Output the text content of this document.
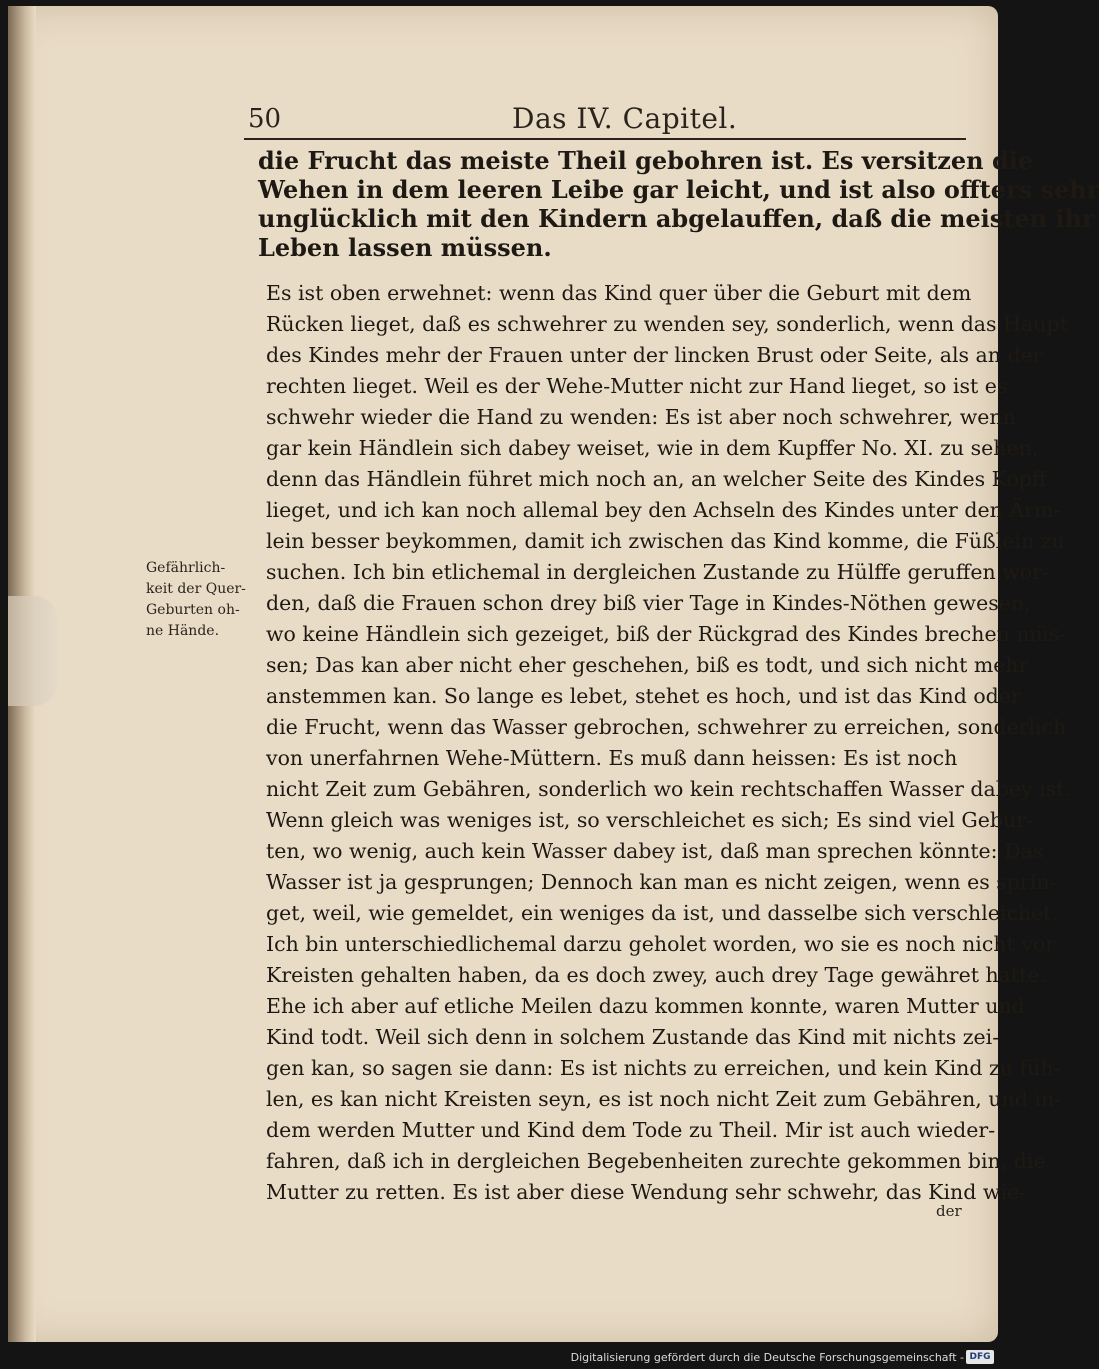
50	Das IV. Capitel.
die Frucht das meiste Theil gebohren ist. Es versitzen die
Wehen in dem leeren Leibe gar leicht, und ist also offters sehr
unglücklich mit den Kindern abgelauffen, daß die meisten ihr
Leben lassen müssen.
Es ist oben erwehnet: wenn das Kind quer über die Geburt mit dem
Rücken lieget, daß es schwehrer zu wenden sey, sonderlich, wenn das Haupt
des Kindes mehr der Frauen unter der lincken Brust oder Seite, als an der
rechten lieget. Weil es der Wehe-Mutter nicht zur Hand lieget, so ist es
schwehr wieder die Hand zu wenden: Es ist aber noch schwehrer, wenn
gar kein Händlein sich dabey weiset, wie in dem Kupffer No. XI. zu sehen,
denn das Händlein führet mich noch an, an welcher Seite des Kindes Kopff
lieget, und ich kan noch allemal bey den Achseln des Kindes unter den Ärm-
lein besser beykommen, damit ich zwischen das Kind komme, die Füßlein zu
suchen. Ich bin etlichemal in dergleichen Zustande zu Hülffe geruffen wor-
den, daß die Frauen schon drey biß vier Tage in Kindes-Nöthen gewesen,
wo keine Händlein sich gezeiget, biß der Rückgrad des Kindes brechen müs-
sen; Das kan aber nicht eher geschehen, biß es todt, und sich nicht mehr
anstemmen kan. So lange es lebet, stehet es hoch, und ist das Kind oder
die Frucht, wenn das Wasser gebrochen, schwehrer zu erreichen, sonderlich
von unerfahrnen Wehe-Müttern. Es muß dann heissen: Es ist noch
nicht Zeit zum Gebähren, sonderlich wo kein rechtschaffen Wasser dabey ist.
Wenn gleich was weniges ist, so verschleichet es sich; Es sind viel Gebur-
ten, wo wenig, auch kein Wasser dabey ist, daß man sprechen könnte: Das
Wasser ist ja gesprungen; Dennoch kan man es nicht zeigen, wenn es sprin-
get, weil, wie gemeldet, ein weniges da ist, und dasselbe sich verschleichet.
Ich bin unterschiedlichemal darzu geholet worden, wo sie es noch nicht vor
Kreisten gehalten haben, da es doch zwey, auch drey Tage gewähret hatte.
Ehe ich aber auf etliche Meilen dazu kommen konnte, waren Mutter und
Kind todt. Weil sich denn in solchem Zustande das Kind mit nichts zei-
gen kan, so sagen sie dann: Es ist nichts zu erreichen, und kein Kind zu füh-
len, es kan nicht Kreisten seyn, es ist noch nicht Zeit zum Gebähren, und in-
dem werden Mutter und Kind dem Tode zu Theil. Mir ist auch wieder-
fahren, daß ich in dergleichen Begebenheiten zurechte gekommen bin, die
Mutter zu retten. Es ist aber diese Wendung sehr schwehr, das Kind wie-
Gefährlich-
keit der Quer-
Geburten oh-
ne Hände.
der
Digitalisierung gefördert durch die Deutsche Forschungsgemeinschaft - DFG
